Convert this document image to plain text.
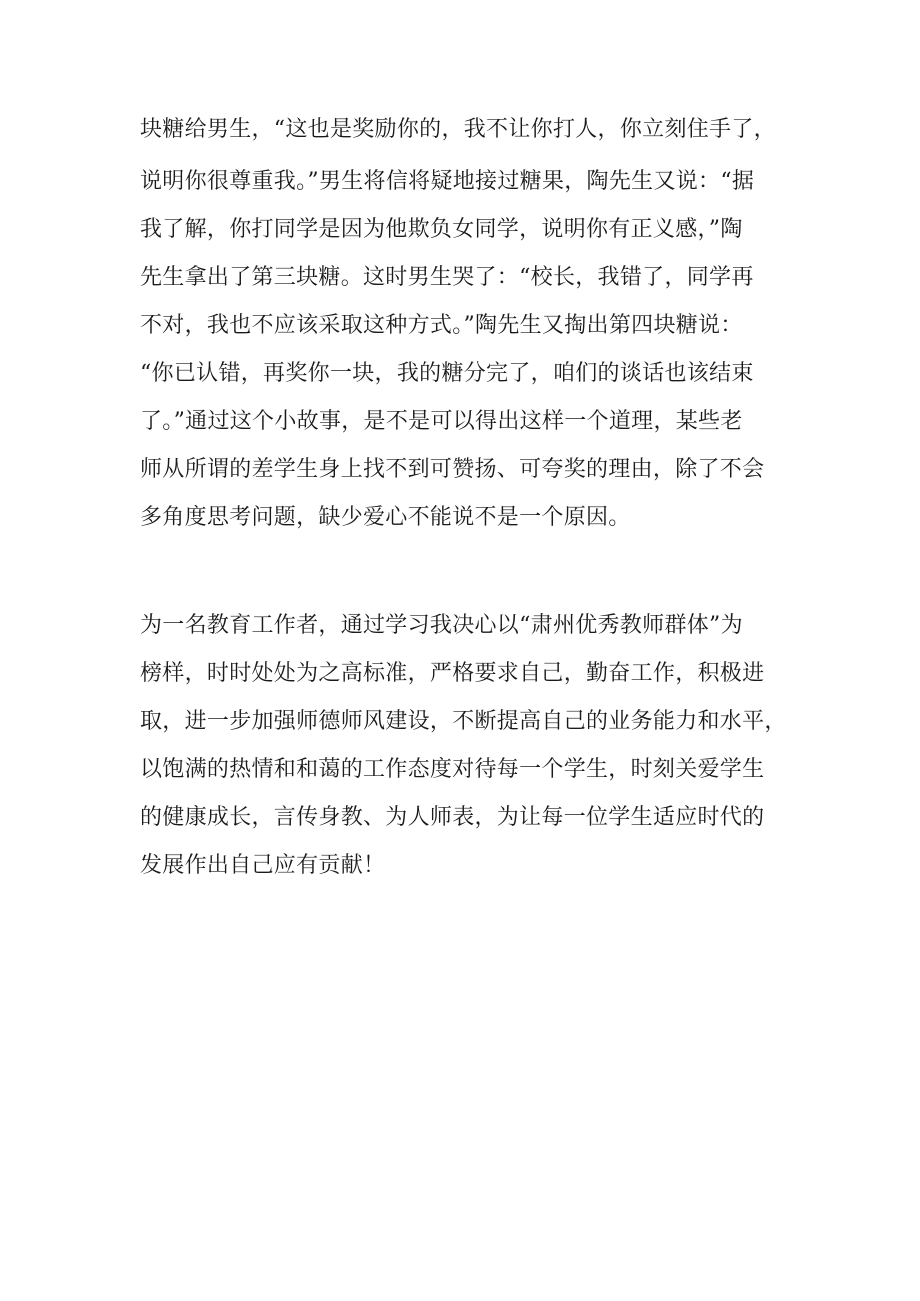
块糖给男生，“这也是奖励你的，我不让你打人，你立刻住手了，

说明你很尊重我。”男生将信将疑地接过糖果，陶先生又说：“据

我了解，你打同学是因为他欺负女同学，说明你有正义感，”陶

先生拿出了第三块糖。这时男生哭了：“校长，我错了，同学再

不对，我也不应该采取这种方式。”陶先生又掏出第四块糖说：

“你已认错，再奖你一块，我的糖分完了，咱们的谈话也该结束

了。”通过这个小故事，是不是可以得出这样一个道理，某些老

师从所谓的差学生身上找不到可赞扬、可夸奖的理由，除了不会

多角度思考问题，缺少爱心不能说不是一个原因。

为一名教育工作者，通过学习我决心以“肃州优秀教师群体”为

榜样，时时处处为之高标准，严格要求自己，勤奋工作，积极进

取，进一步加强师德师风建设，不断提高自己的业务能力和水平，

以饱满的热情和和蔼的工作态度对待每一个学生，时刻关爱学生

的健康成长，言传身教、为人师表，为让每一位学生适应时代的

发展作出自己应有贡献！
